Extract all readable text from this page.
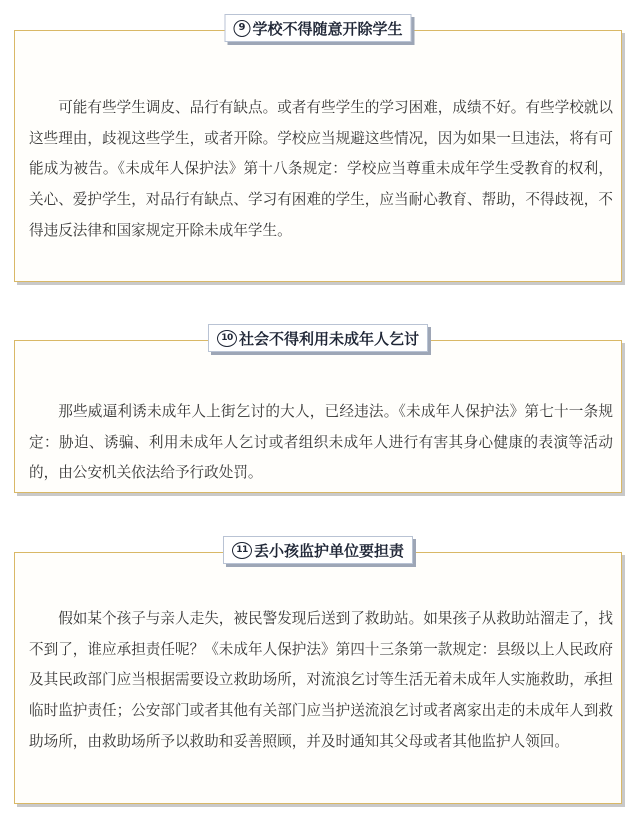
可能有些学生调皮、品行有缺点。或者有些学生的学习困难，成绩不好。有些学校就以这些理由，歧视这些学生，或者开除。学校应当规避这些情况，因为如果一旦违法，将有可能成为被告。《未成年人保护法》第十八条规定：学校应当尊重未成年学生受教育的权利，关心、爱护学生，对品行有缺点、学习有困难的学生，应当耐心教育、帮助，不得歧视，不得违反法律和国家规定开除未成年学生。

9 学校不得随意开除学生

那些威逼利诱未成年人上街乞讨的大人，已经违法。《未成年人保护法》第七十一条规定：胁迫、诱骗、利用未成年人乞讨或者组织未成年人进行有害其身心健康的表演等活动的，由公安机关依法给予行政处罚。

10 社会不得利用未成年人乞讨

假如某个孩子与亲人走失，被民警发现后送到了救助站。如果孩子从救助站溜走了，找不到了，谁应承担责任呢？《未成年人保护法》第四十三条第一款规定：县级以上人民政府及其民政部门应当根据需要设立救助场所，对流浪乞讨等生活无着未成年人实施救助，承担临时监护责任；公安部门或者其他有关部门应当护送流浪乞讨或者离家出走的未成年人到救助场所，由救助场所予以救助和妥善照顾，并及时通知其父母或者其他监护人领回。

11 丢小孩监护单位要担责
